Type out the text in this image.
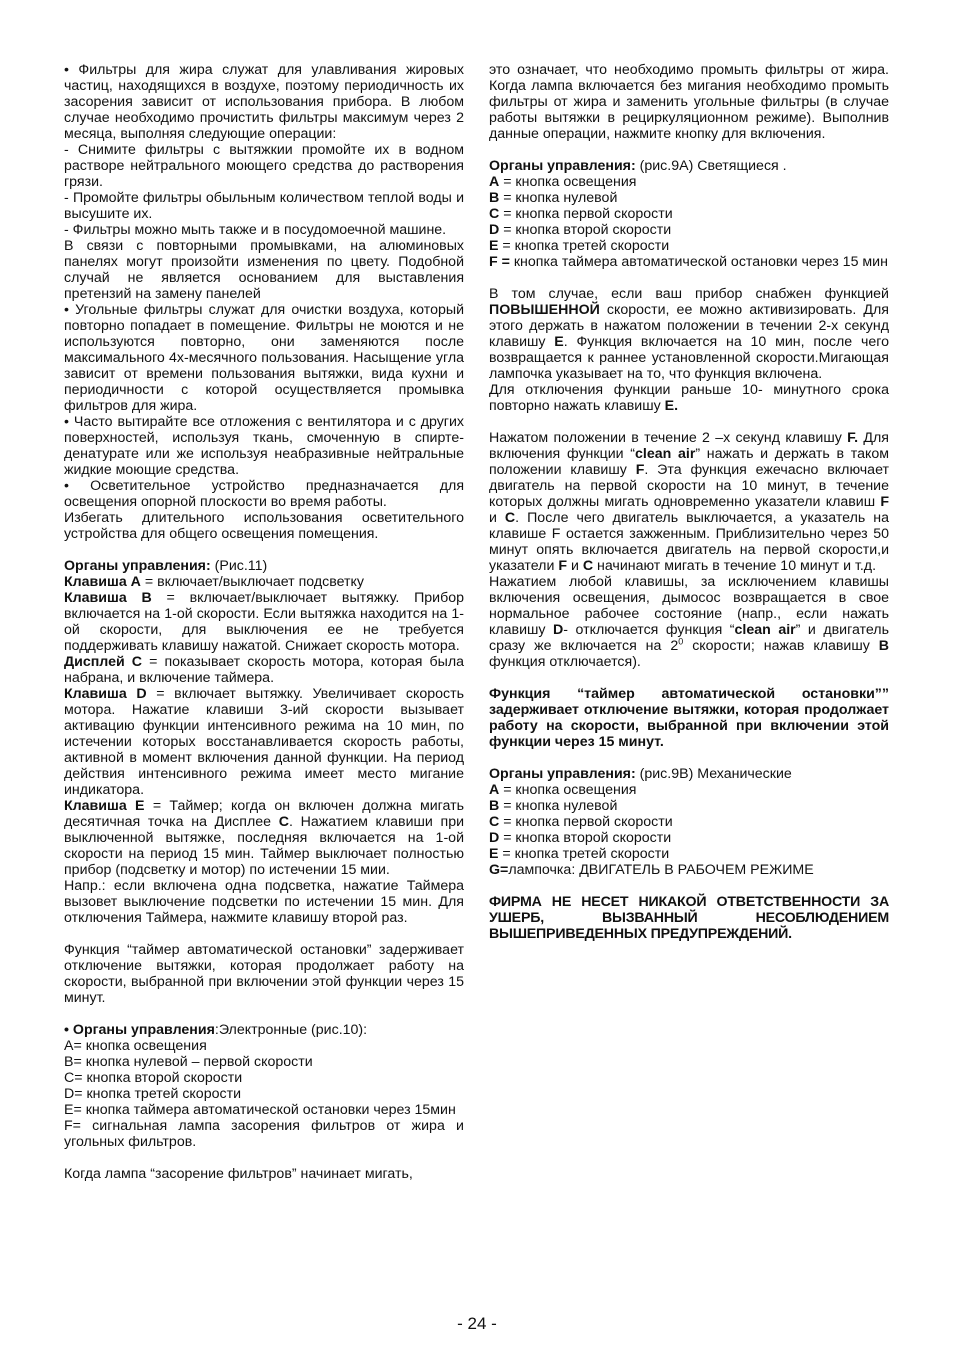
• Фильтры для жира служат для улавливания жировых частиц, находящихся в воздухе, поэтому периодичность их засорения зависит от использования прибора. В любом случае необходимо прочистить фильтры максимум через 2 месяца, выполняя следующие операции:

- Снимите фильтры с вытяжкии промойте их в водном растворе нейтрального моющего средства до растворения грязи.

- Промойте фильтры обыльным количеством теплой воды и высушите их.

- Фильтры можно мыть также и в посудомоечной машине.

В связи с повторными промывками, на алюминовых панелях могут произойти изменения по цвету. Подобной случай не является основанием для выставления претензий на замену панелей

• Угольные фильтры служат для очистки воздуха, который повторно попадает в помещение. Фильтры не моются и не используются повторно, они заменяются после максимального 4х-месячного пользования. Насыщение угла зависит от времени пользования вытяжки, вида кухни и периодичности с которой осуществляется промывка фильтров для жира.

• Часто вытирайте все отложения с вентилятора и с других поверхностей, используя ткань, смоченную в спирте-денатурате или же используя неабразивные нейтральные жидкие моющие средства.

• Осветительное устройство предназначается для освещения опорной плоскости во время работы.

Избегать длительного использования осветительного устройства для общего освещения помещения.

Органы управления: (Рис.11)

Клавиша А = включает/выключает подсветку

Клавиша В = включает/выключает вытяжку. Прибор включается на 1-ой скорости. Если вытяжка находится на 1-ой скорости, для выключения ее не требуется поддерживать клавишу нажатой. Снижает скорость мотора.

Дисплей С = показывает скорость мотора, которая была набрана, и включение таймера.

Клавиша D = включает вытяжку. Увеличивает скорость мотора. Нажатие клавиши 3-ий скорости вызывает активацию функции интенсивного режима на 10 мин, по истечении которых восстанавливается скорость работы, активной в момент включения данной функции. На период действия интенсивного режима имеет место мигание индикатора.

Клавиша Е = Таймер; когда он включен должна мигать десятичная точка на Дисплее С. Нажатием клавиши при выключенной вытяжке, последняя включается на 1-ой скорости на период 15 мин. Таймер выключает полностью прибор (подсветку и мотор) по истечении 15 мии.

Напр.: если включена одна подсветка, нажатие Таймера вызовет выключение подсветки по истечении 15 мин. Для отключения Таймера, нажмите клавишу второй раз.

Функция “таймер автоматической остановки” задерживает отключение вытяжки, которая продолжает работу на скорости, выбранной при включении этой функции через 15 минут.

• Органы управления:Электронные (рис.10):

А= кнопка освещения

В= кнопка нулевой – первой скорости

С= кнопка второй скорости

D= кнопка третей скорости

Е= кнопка таймера автоматической остановки через 15мин

F= сигнальная лампа засорения фильтров от жира и угольных фильтров.

Когда лампа “засорение фильтров” начинает мигать,

это означает, что необходимо промыть фильтры от жира. Когда лампа включается без мигания необходимо промыть фильтры от жира и заменить угольные фильтры (в случае работы вытяжки в рециркуляционном режиме). Выполнив данные операции, нажмите кнопку для включения.

Органы управления: (рис.9А) Светящиеся .

A = кнопка освещения

B = кнопка нулевой

C = кнопка первой скорости

D = кнопка второй скорости

E = кнопка третей скорости

F = кнопка таймера автоматической остановки через 15 мин

В том случае, если ваш прибор снабжен функцией ПОВЫШЕННОЙ скорости, ее можно активизировать. Для этого держать в нажатом положении в течении 2-х секунд клавишу Е. Функция включается на 10 мин, после чего возвращается к раннее установленной скорости.Мигающая лампочка указывает на то, что функция включена.

Для отключения функции раньше 10- минутного срока повторно нажать клавишу Е.

Нажатом положении в течение 2 –х секунд клавишу F. Для включения функции “clean air” нажать и держать в таком положении клавишу F. Эта функция ежечасно включает двигатель на первой скорости на 10 минут, в течение которых должны мигать одновременно указатели клавиш F и C. После чего двигатель выключается, а указатель на клавише F остается зажженным. Приблизительно через 50 минут опять включается двигатель на первой скорости,и указатели F и C начинают мигать в течение 10 минут и т.д.

Нажатием любой клавишы, за исключением клавишы включения освещения, дымосос возвращается в свое нормальное рабочее состояние (напр., если нажать клавишу D- отключается функция “clean air” и двигатель сразу же включается на $2^0$ скорости; нажав клавишу B функция отключается).

Функция “таймер автоматической остановки”” задерживает отключение вытяжки, которая продолжает работу на скорости, выбранной при включении этой функции через 15 минут.

Органы управления: (рис.9В) Механические

A = кнопка освещения

B = кнопка нулевой

C = кнопка первой скорости

D = кнопка второй скорости

E = кнопка третей скорости

G=лампочка: ДВИГАТЕЛЬ В РАБОЧЕМ РЕЖИМЕ

ФИРМА НЕ НЕСЕТ НИКАКОЙ ОТВЕТСТВЕННОСТИ ЗА УШЕРБ, ВЫЗВАННЫЙ НЕСОБЛЮДЕНИЕМ ВЫШЕПРИВЕДЕННЫХ ПРЕДУПРЕЖДЕНИЙ.

- 24 -
